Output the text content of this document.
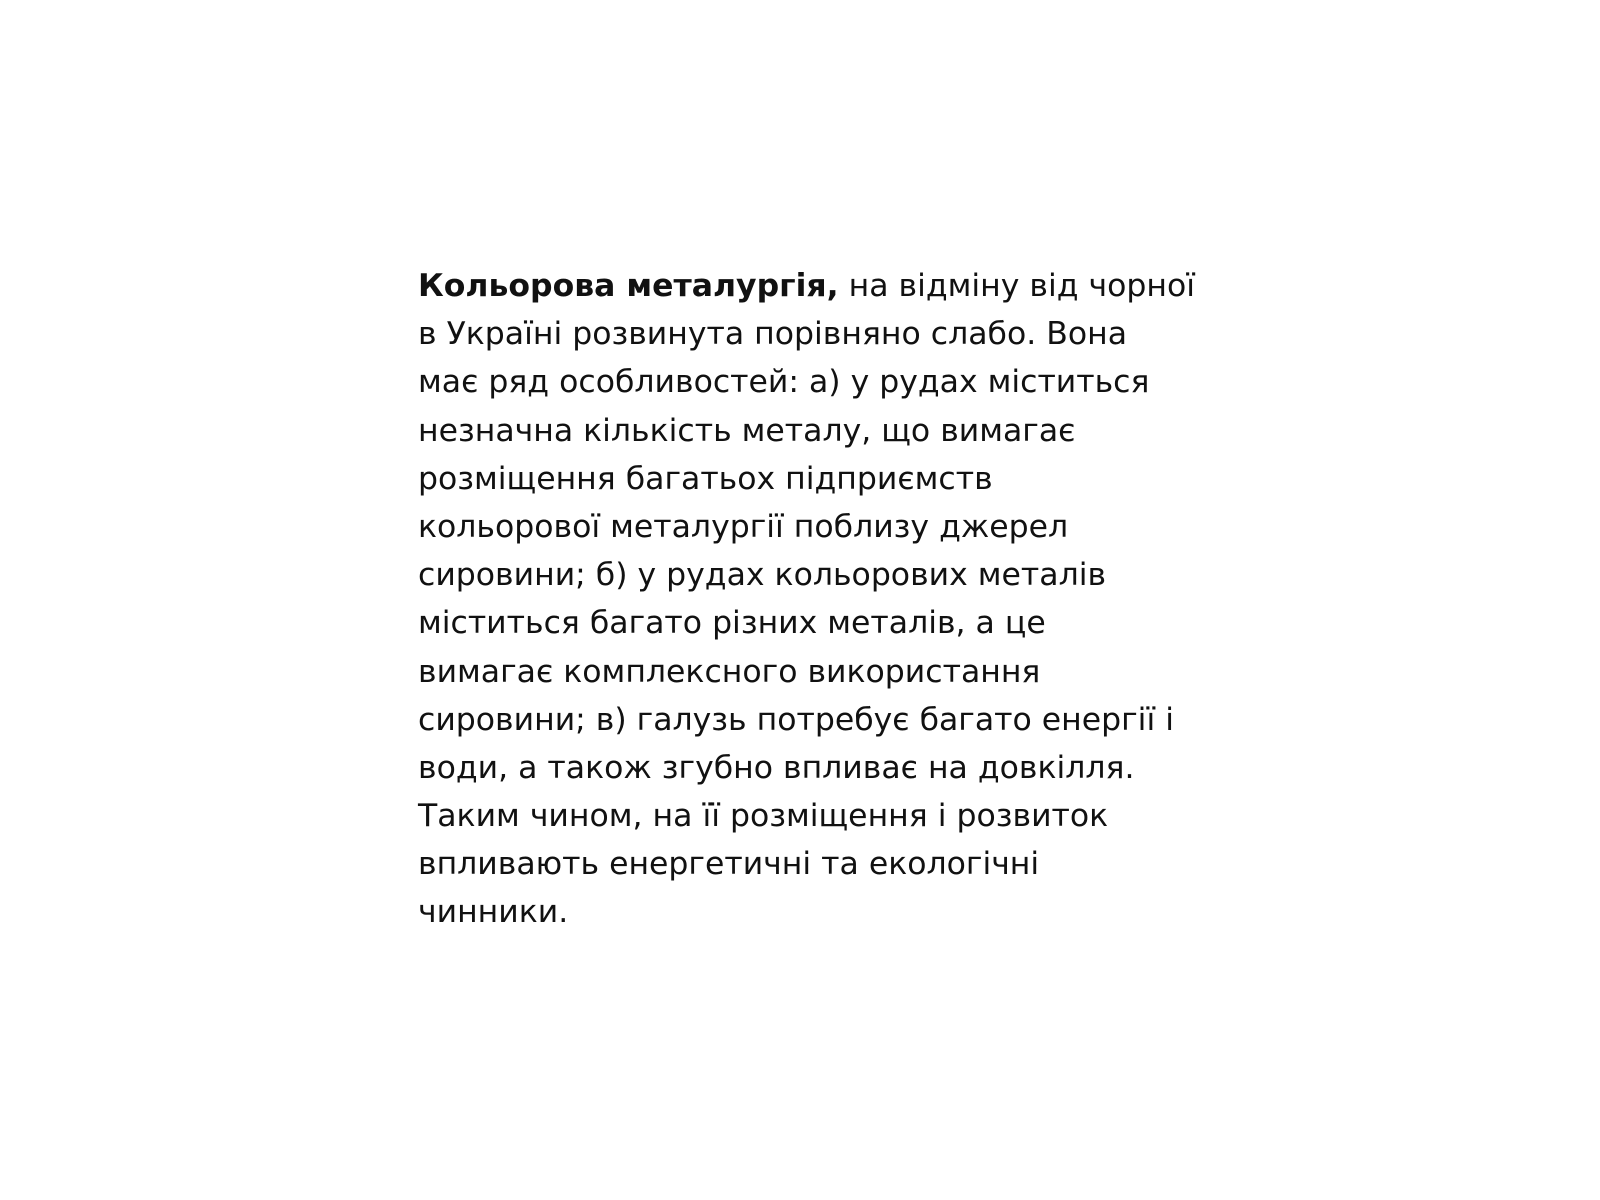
Кольорова металургія, на відміну від чорної
в Україні розвинута порівняно слабо. Вона
має ряд особливостей: а) у рудах міститься
незначна кількість металу, що вимагає
розміщення багатьох підприємств
кольорової металургії поблизу джерел
сировини; б) у рудах кольорових металів
міститься багато різних металів, а це
вимагає комплексного використання
сировини; в) галузь потребує багато енергії і
води, а також згубно впливає на довкілля.
Таким чином, на її розміщення і розвиток
впливають енергетичні та екологічні
чинники.
